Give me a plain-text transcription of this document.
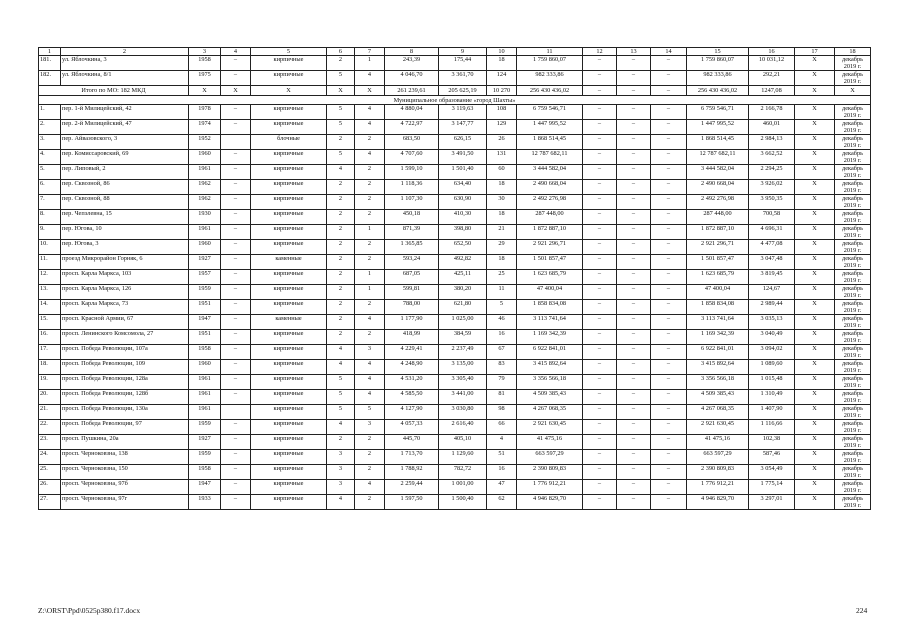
1	2	3	4	5	6	7	8	9	10	11	12	13	14	15	16	17	18
181.	ул. Яблочкина, 3	1958	–	кирпичные	2	1	243,39	175,44	18	1 759 860,07	–	–	–	1 759 860,07	10 031,12	X	декабрь
2019 г.

182.	ул. Яблочкина, 8/1	1975	–	кирпичные	5	4	4 046,70	3 361,70	124	982 333,86	–	–	–	982 333,86	292,21	X	декабрь
2019 г.

Итого по МО: 182 МКД		X	X	X	X	X	261 239,61	205 625,19	10 270	256 430 436,02	–	–	–	256 430 436,02	1247,08	X	X
Муниципальное образование «город Шахты»																	
1.	пер. 1-й Милицейский, 42	1978	–	кирпичные	5	4	4 880,04	3 119,63	108	6 759 546,71	–	–	–	6 759 546,71	2 166,78	X	декабрь
2019 г.

2.	пер. 2-й Милицейский, 47	1974	–	кирпичные	5	4	4 722,97	3 147,77	129	1 447 995,52	–	–	–	1 447 995,52	460,01	X	декабрь
2019 г.

3.	пер. Айвазовского, 3	1952		блочные	2	2	683,50	626,15	26	1 868 514,45	–	–	–	1 868 514,45	2 984,13	X	декабрь
2019 г.

4.	пер. Комиссаровский, 69	1960	–	кирпичные	5	4	4 707,60	3 491,50	131	12 787 682,11	–	–	–	12 787 682,11	3 662,52	X	декабрь
2019 г.

5.	пер. Липовый, 2	1961	–	кирпичные	4	2	1 599,10	1 501,40	60	3 444 582,04	–	–	–	3 444 582,04	2 294,25	X	декабрь
2019 г.

6.	пер. Сквозной, 86	1962	–	кирпичные	2	2	1 118,36	634,40	18	2 490 668,04	–	–	–	2 490 668,04	3 926,02	X	декабрь
2019 г.

7.	пер. Сквозной, 88	1962	–	кирпичные	2	2	1 107,30	630,90	30	2 492 276,98	–	–	–	2 492 276,98	3 950,35	X	декабрь
2019 г.

8.	пер. Чепэлевна, 15	1930	–	кирпичные	2	2	450,18	410,30	18	287 448,00	–	–	–	287 448,00	700,58	X	декабрь
2019 г.

9.	пер. Югова, 10	1961	–	кирпичные	2	1	871,39	398,80	21	1 872 887,10	–	–	–	1 872 887,10	4 696,31	X	декабрь
2019 г.

10.	пер. Югова, 3	1960	–	кирпичные	2	2	1 365,85	652,50	29	2 921 296,71	–	–	–	2 921 296,71	4 477,08	X	декабрь
2019 г.

11.	проезд Микрорайон Горняк, 6	1927	–	каменные	2	2	593,24	492,82	18	1 501 857,47	–	–	–	1 501 857,47	3 047,48	X	декабрь
2019 г.

12.	просп. Карла Маркса, 103	1957	–	кирпичные	2	1	687,05	425,11	25	1 623 685,79	–	–	–	1 623 685,79	3 819,45	X	декабрь
2019 г.

13.	просп. Карла Маркса, 126	1959	–	кирпичные	2	1	599,81	380,20	11	47 400,04	–	–	–	47 400,04	124,67	X	декабрь
2019 г.

14.	просп. Карла Маркса, 73	1951	–	кирпичные	2	2	788,00	621,80	5	1 858 834,08	–	–	–	1 858 834,08	2 989,44	X	декабрь
2019 г.

15.	просп. Красной Армии, 67	1947	–	каменные	2	4	1 177,90	1 025,00	46	3 113 741,64	–	–	–	3 113 741,64	3 035,13	X	декабрь
2019 г.

16.	просп. Ленинского Комсомола, 27	1951	–	кирпичные	2	2	418,99	384,59	16	1 169 342,39	–	–	–	1 169 342,39	3 040,49	X	декабрь
2019 г.

17.	просп. Победа Революции, 107а	1958	–	кирпичные	4	3	4 229,41	2 237,49	67	6 922 841,01	–	–	–	6 922 841,01	3 094,02	X	декабрь
2019 г.

18.	просп. Победа Революции, 109	1960	–	кирпичные	4	4	4 248,90	3 135,00	83	3 415 892,64	–	–	–	3 415 892,64	1 089,60	X	декабрь
2019 г.

19.	просп. Победа Революции, 128а	1961	–	кирпичные	5	4	4 531,20	3 305,40	79	3 356 566,18	–	–	–	3 356 566,18	1 015,48	X	декабрь
2019 г.

20.	просп. Победа Революции, 128б	1961	–	кирпичные	5	4	4 585,50	3 441,00	81	4 509 385,43	–	–	–	4 509 385,43	1 310,49	X	декабрь
2019 г.

21.	просп. Победа Революции, 130а	1961		кирпичные	5	5	4 127,90	3 030,80	98	4 267 068,35	–	–	–	4 267 068,35	1 407,90	X	декабрь
2019 г.

22.	просп. Победа Революции, 97	1959	–	кирпичные	4	3	4 057,33	2 616,40	66	2 921 630,45	–	–	–	2 921 630,45	1 116,66	X	декабрь
2019 г.

23.	просп. Пушкина, 20а	1927	–	кирпичные	2	2	445,70	405,10	4	41 475,16	–	–	–	41 475,16	102,38	X	декабрь
2019 г.

24.	просп. Черноковзна, 138	1959	–	кирпичные	3	2	1 713,70	1 129,60	51	663 597,29	–	–	–	663 597,29	587,46	X	декабрь
2019 г.

25.	просп. Черноковзна, 150	1958	–	кирпичные	3	2	1 788,92	782,72	16	2 390 809,83	–	–	–	2 390 809,83	3 054,49	X	декабрь
2019 г.

26.	просп. Черноковзна, 97б	1947	–	кирпичные	3	4	2 259,44	1 001,00	47	1 776 912,21	–	–	–	1 776 912,21	1 775,14	X	декабрь
2019 г.

27.	просп. Черноковзна, 97г	1933	–	кирпичные	4	2	1 597,50	1 500,40	62	4 946 829,70	–	–	–	4 946 829,70	3 297,01	X	декабрь
2019 г.
Z:\ORST\Ppd\0525p380.f17.docx	224
